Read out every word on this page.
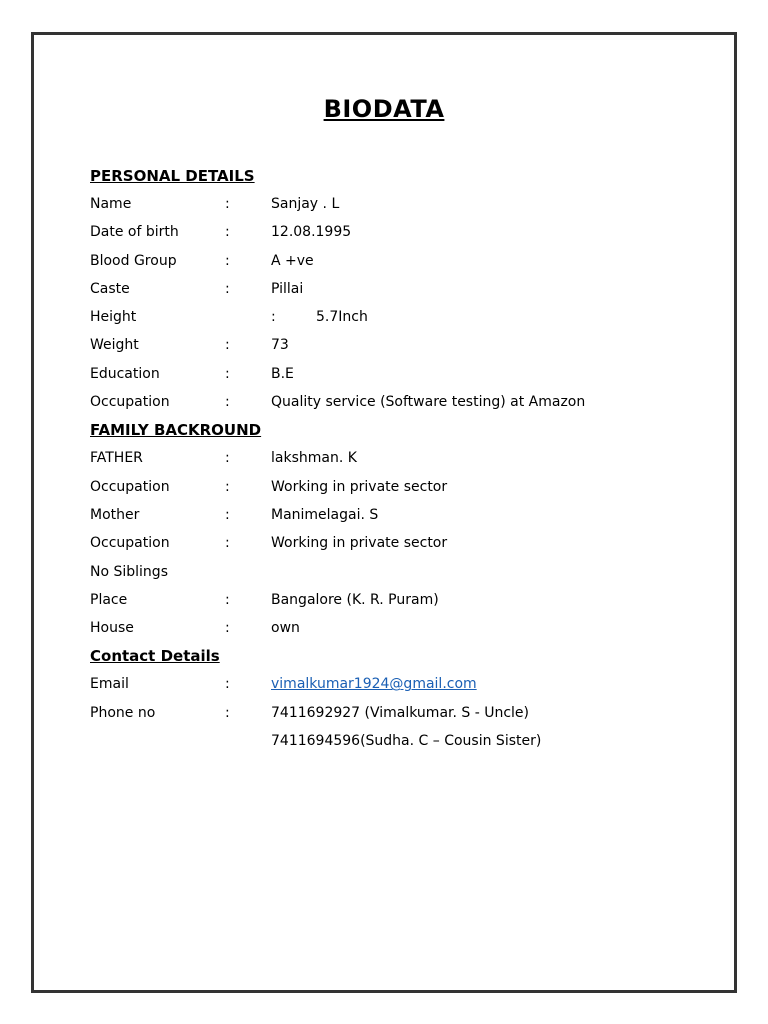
BIODATA
PERSONAL DETAILS
Name	:	Sanjay . L
Date of birth	:	12.08.1995
Blood Group	:	A +ve
Caste	:	Pillai
Height	:	5.7Inch
Weight	:	73
Education	:	B.E
Occupation	:	Quality service (Software testing) at Amazon
FAMILY BACKROUND
FATHER	:	lakshman. K
Occupation	:	Working in private sector
Mother	:	Manimelagai. S
Occupation	:	Working in private sector
No Siblings
Place	:	Bangalore (K. R. Puram)
House	:	own
Contact Details
Email	:	vimalkumar1924@gmail.com
Phone no	:	7411692927 (Vimalkumar. S - Uncle)
7411694596(Sudha. C – Cousin Sister)
